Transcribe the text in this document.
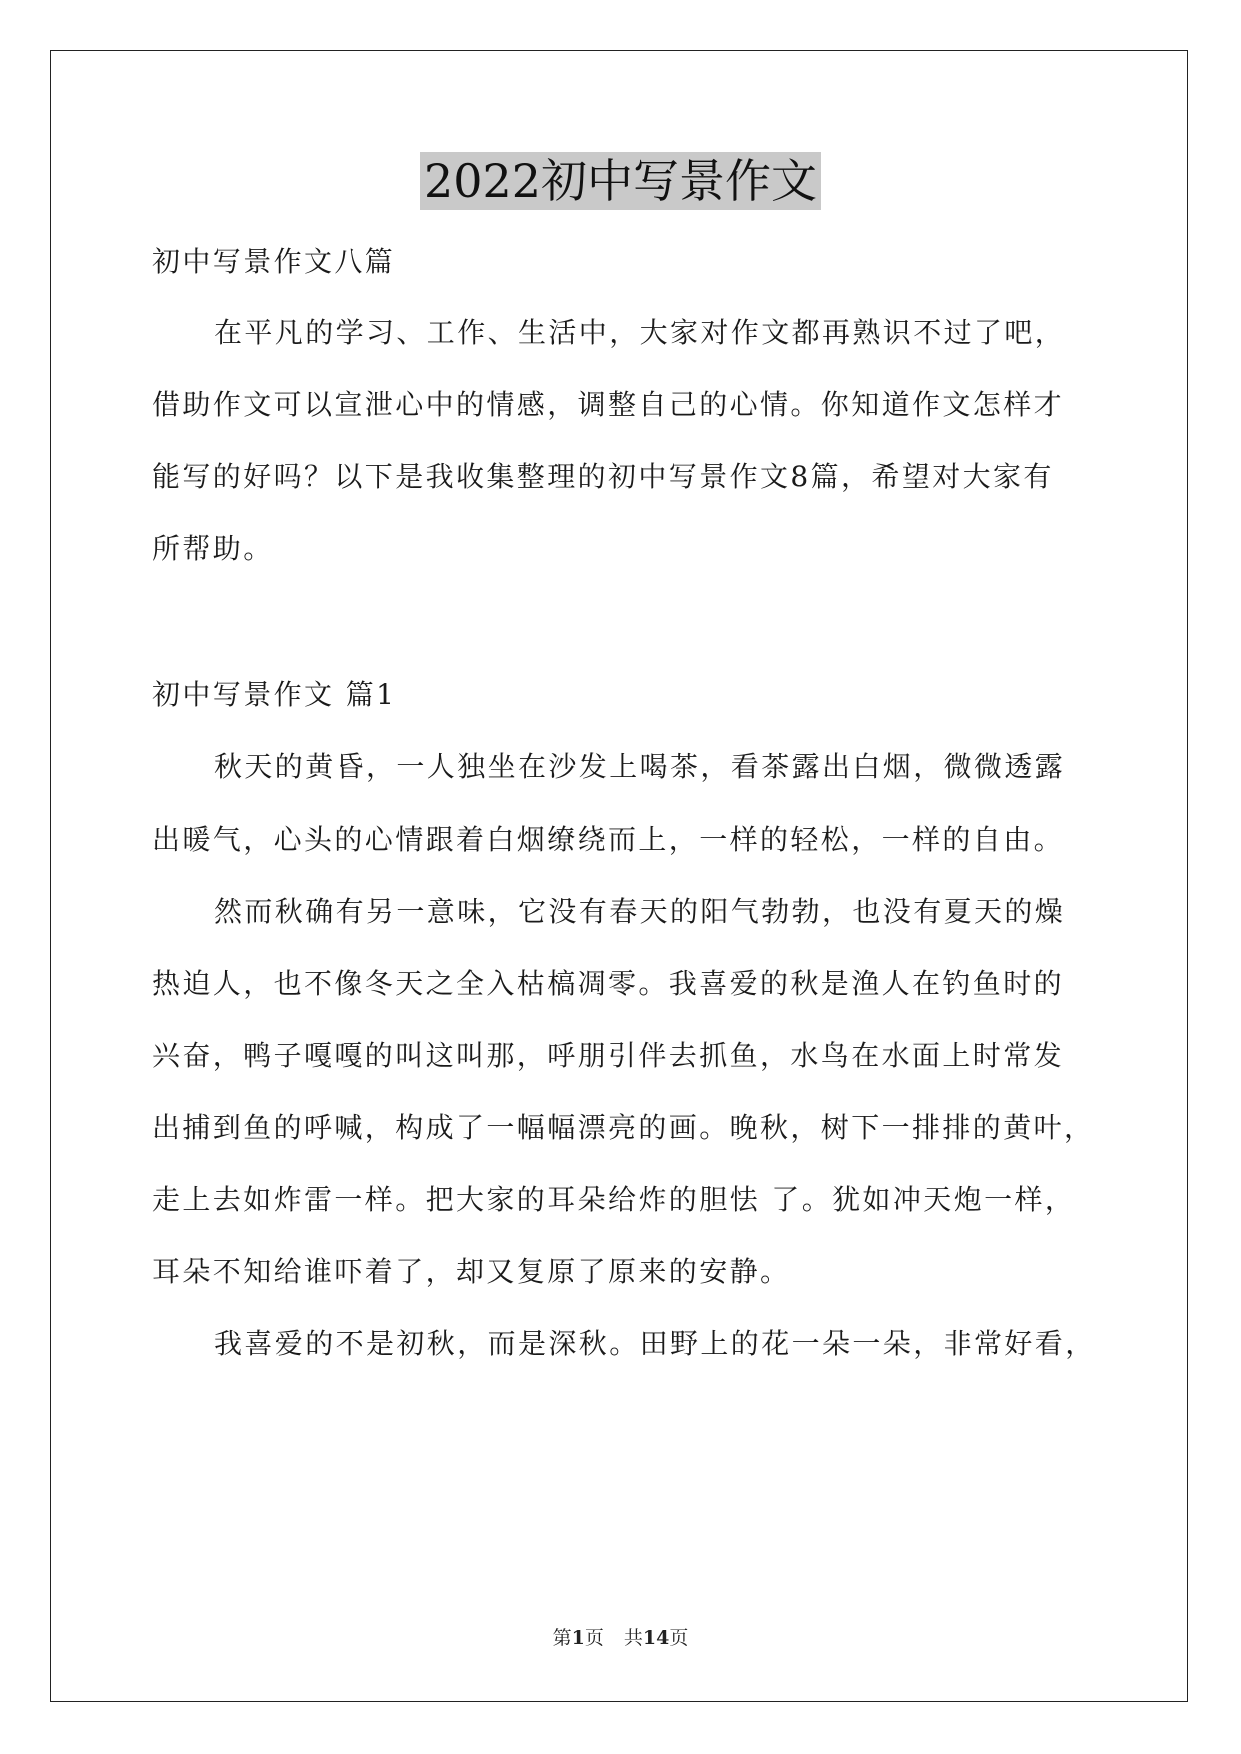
2022初中写景作文
初中写景作文八篇
在平凡的学习、工作、生活中，大家对作文都再熟识不过了吧，
借助作文可以宣泄心中的情感，调整自己的心情。你知道作文怎样才
能写的好吗？以下是我收集整理的初中写景作文8篇，希望对大家有
所帮助。
初中写景作文 篇1
秋天的黄昏，一人独坐在沙发上喝茶，看茶露出白烟，微微透露
出暖气，心头的心情跟着白烟缭绕而上，一样的轻松，一样的自由。
然而秋确有另一意味，它没有春天的阳气勃勃，也没有夏天的燥
热迫人，也不像冬天之全入枯槁凋零。我喜爱的秋是渔人在钓鱼时的
兴奋，鸭子嘎嘎的叫这叫那，呼朋引伴去抓鱼，水鸟在水面上时常发
出捕到鱼的呼喊，构成了一幅幅漂亮的画。晚秋，树下一排排的黄叶，
走上去如炸雷一样。把大家的耳朵给炸的胆怯 了。犹如冲天炮一样，
耳朵不知给谁吓着了，却又复原了原来的安静。
我喜爱的不是初秋，而是深秋。田野上的花一朵一朵，非常好看，
第1页 共14页
